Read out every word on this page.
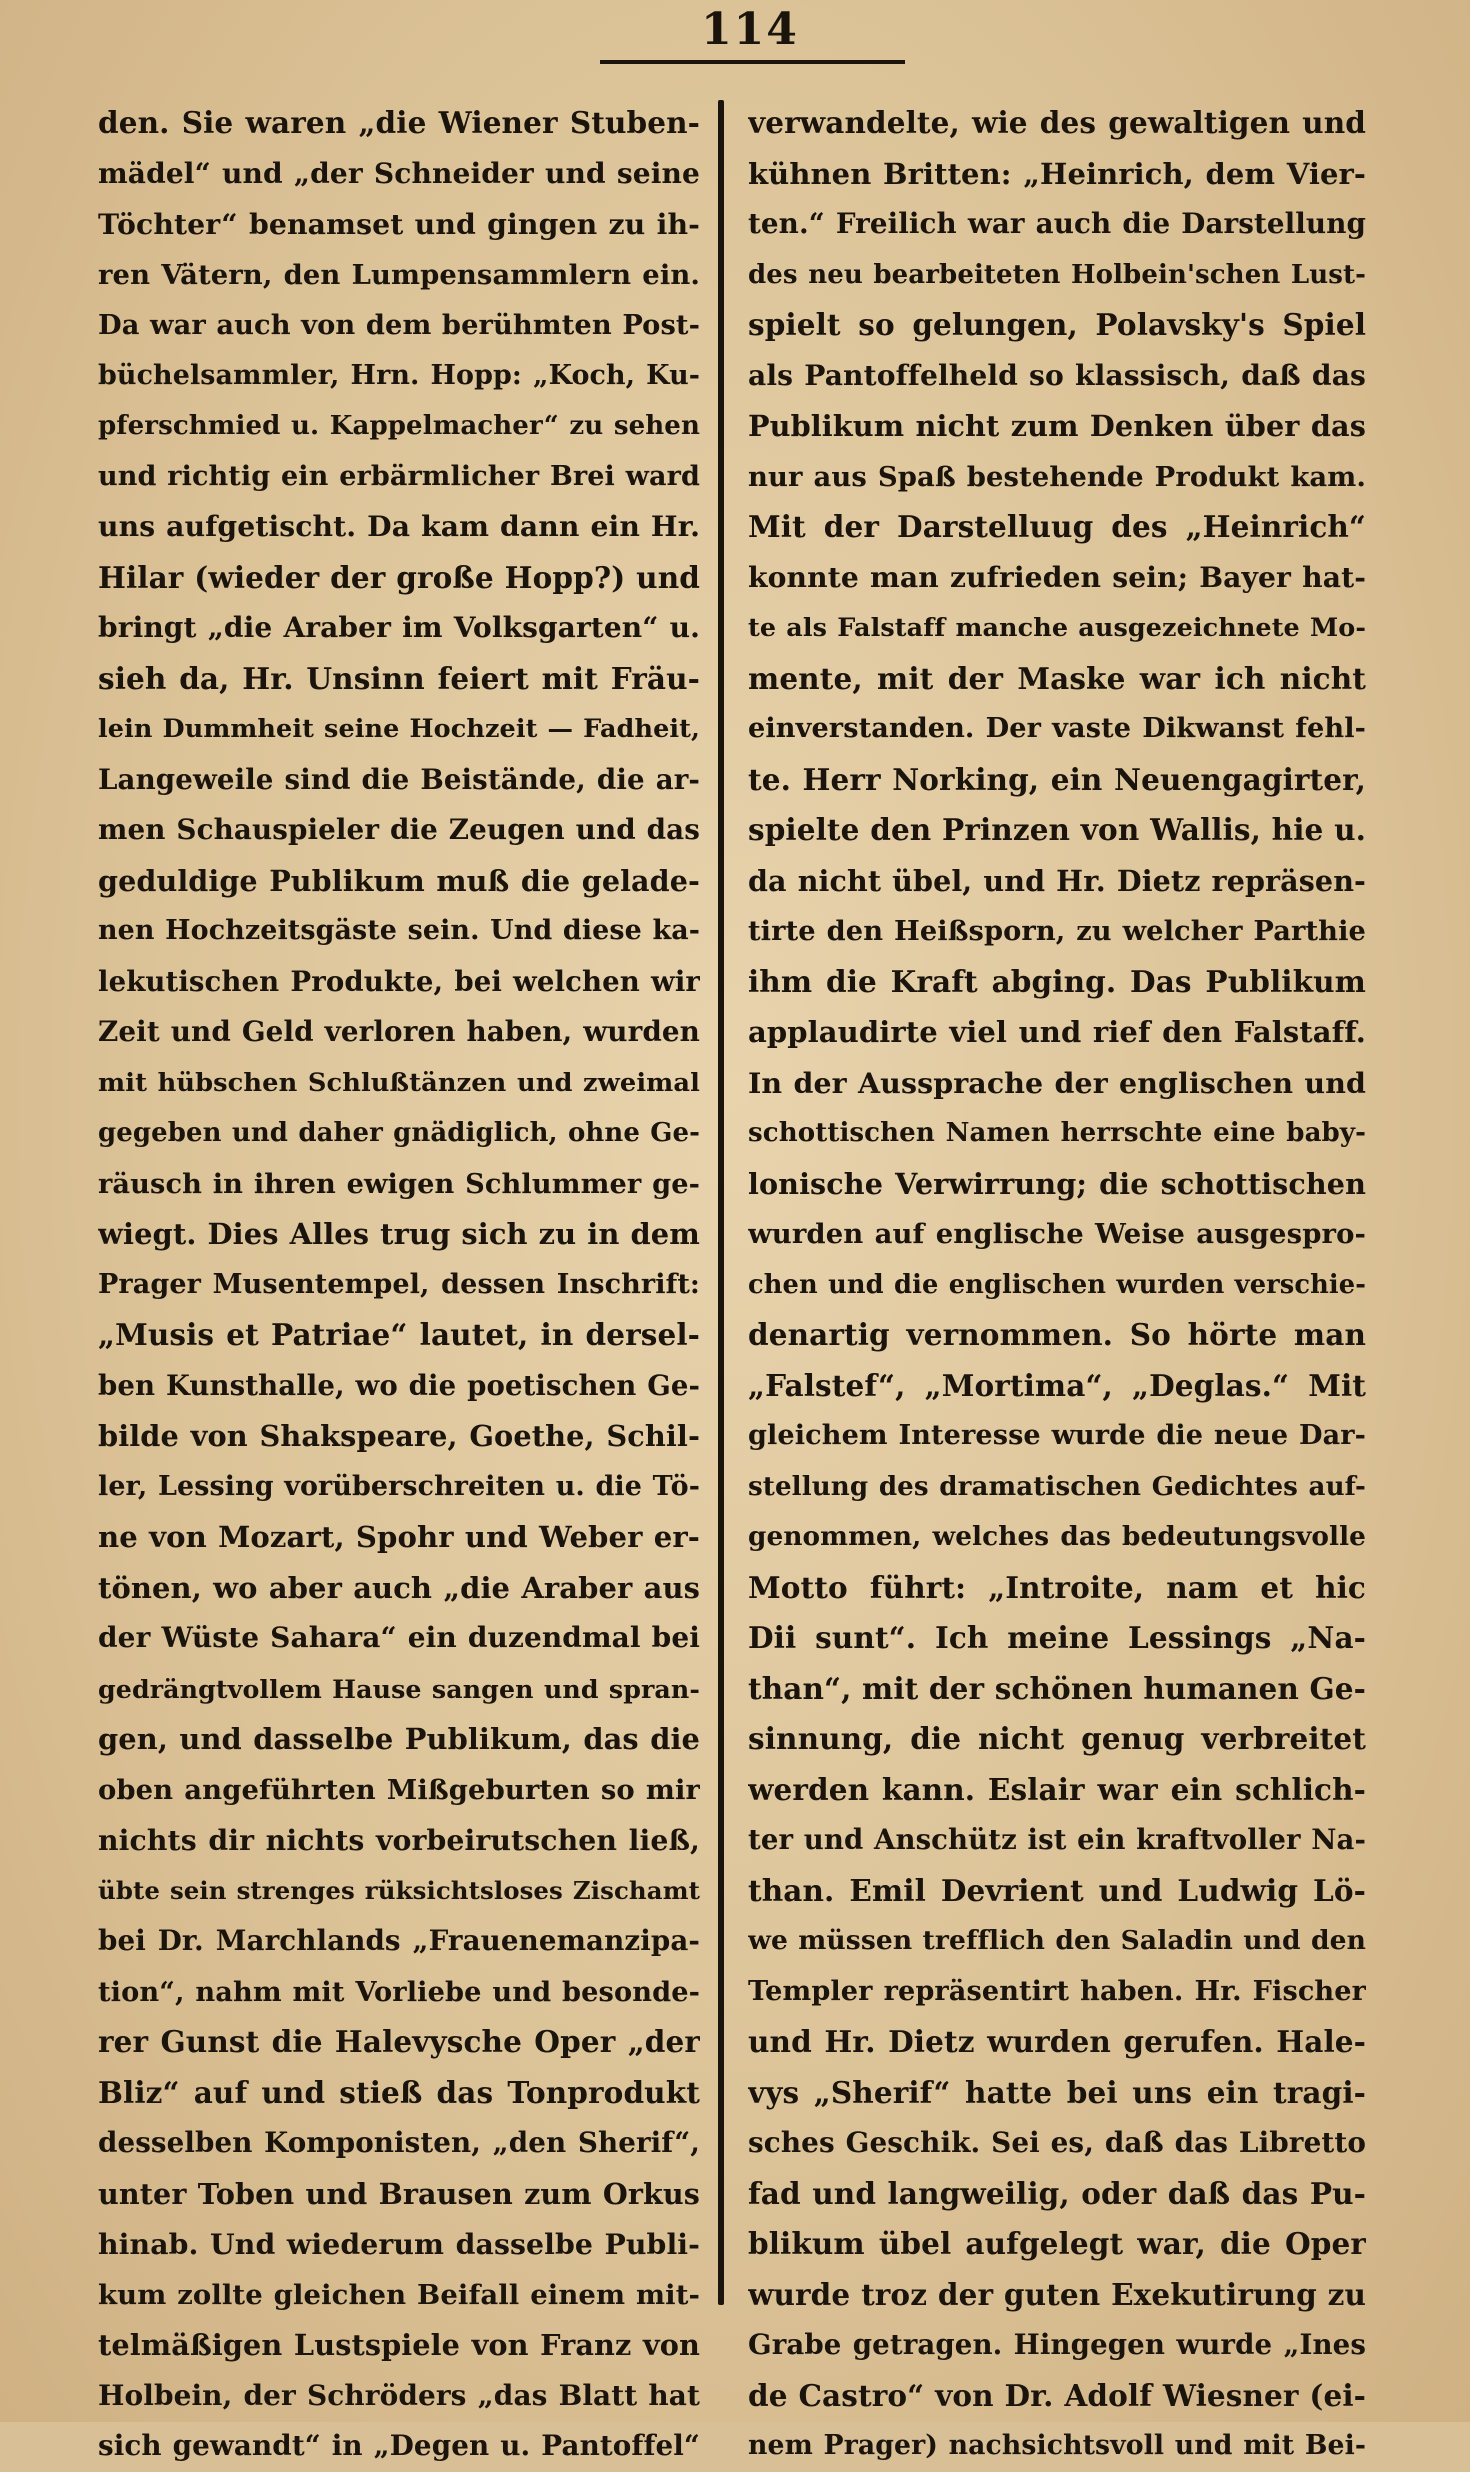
114
den. Sie waren „die Wiener Stuben-
mädel“ und „der Schneider und seine
Töchter“ benamset und gingen zu ih-
ren Vätern, den Lumpensammlern ein.
Da war auch von dem berühmten Post-
büchelsammler, Hrn. Hopp: „Koch, Ku-
pferschmied u. Kappelmacher“ zu sehen
und richtig ein erbärmlicher Brei ward
uns aufgetischt. Da kam dann ein Hr.
Hilar (wieder der große Hopp?) und
bringt „die Araber im Volksgarten“ u.
sieh da, Hr. Unsinn feiert mit Fräu-
lein Dummheit seine Hochzeit — Fadheit,
Langeweile sind die Beistände, die ar-
men Schauspieler die Zeugen und das
geduldige Publikum muß die gelade-
nen Hochzeitsgäste sein. Und diese ka-
lekutischen Produkte, bei welchen wir
Zeit und Geld verloren haben, wurden
mit hübschen Schlußtänzen und zweimal
gegeben und daher gnädiglich, ohne Ge-
räusch in ihren ewigen Schlummer ge-
wiegt. Dies Alles trug sich zu in dem
Prager Musentempel, dessen Inschrift:
„Musis et Patriae“ lautet, in dersel-
ben Kunsthalle, wo die poetischen Ge-
bilde von Shakspeare, Goethe, Schil-
ler, Lessing vorüberschreiten u. die Tö-
ne von Mozart, Spohr und Weber er-
tönen, wo aber auch „die Araber aus
der Wüste Sahara“ ein duzendmal bei
gedrängtvollem Hause sangen und spran-
gen, und dasselbe Publikum, das die
oben angeführten Mißgeburten so mir
nichts dir nichts vorbeirutschen ließ,
übte sein strenges rüksichtsloses Zischamt
bei Dr. Marchlands „Frauenemanzipa-
tion“, nahm mit Vorliebe und besonde-
rer Gunst die Halevysche Oper „der
Bliz“ auf und stieß das Tonprodukt
desselben Komponisten, „den Sherif“,
unter Toben und Brausen zum Orkus
hinab. Und wiederum dasselbe Publi-
kum zollte gleichen Beifall einem mit-
telmäßigen Lustspiele von Franz von
Holbein, der Schröders „das Blatt hat
sich gewandt“ in „Degen u. Pantoffel“
verwandelte, wie des gewaltigen und
kühnen Britten: „Heinrich, dem Vier-
ten.“ Freilich war auch die Darstellung
des neu bearbeiteten Holbein'schen Lust-
spielt so gelungen, Polavsky's Spiel
als Pantoffelheld so klassisch, daß das
Publikum nicht zum Denken über das
nur aus Spaß bestehende Produkt kam.
Mit der Darstelluug des „Heinrich“
konnte man zufrieden sein; Bayer hat-
te als Falstaff manche ausgezeichnete Mo-
mente, mit der Maske war ich nicht
einverstanden. Der vaste Dikwanst fehl-
te. Herr Norking, ein Neuengagirter,
spielte den Prinzen von Wallis, hie u.
da nicht übel, und Hr. Dietz repräsen-
tirte den Heißsporn, zu welcher Parthie
ihm die Kraft abging. Das Publikum
applaudirte viel und rief den Falstaff.
In der Aussprache der englischen und
schottischen Namen herrschte eine baby-
lonische Verwirrung; die schottischen
wurden auf englische Weise ausgespro-
chen und die englischen wurden verschie-
denartig vernommen. So hörte man
„Falstef“, „Mortima“, „Deglas.“ Mit
gleichem Interesse wurde die neue Dar-
stellung des dramatischen Gedichtes auf-
genommen, welches das bedeutungsvolle
Motto führt: „Introite, nam et hic
Dii sunt“. Ich meine Lessings „Na-
than“, mit der schönen humanen Ge-
sinnung, die nicht genug verbreitet
werden kann. Eslair war ein schlich-
ter und Anschütz ist ein kraftvoller Na-
than. Emil Devrient und Ludwig Lö-
we müssen trefflich den Saladin und den
Templer repräsentirt haben. Hr. Fischer
und Hr. Dietz wurden gerufen. Hale-
vys „Sherif“ hatte bei uns ein tragi-
sches Geschik. Sei es, daß das Libretto
fad und langweilig, oder daß das Pu-
blikum übel aufgelegt war, die Oper
wurde troz der guten Exekutirung zu
Grabe getragen. Hingegen wurde „Ines
de Castro“ von Dr. Adolf Wiesner (ei-
nem Prager) nachsichtsvoll und mit Bei-
